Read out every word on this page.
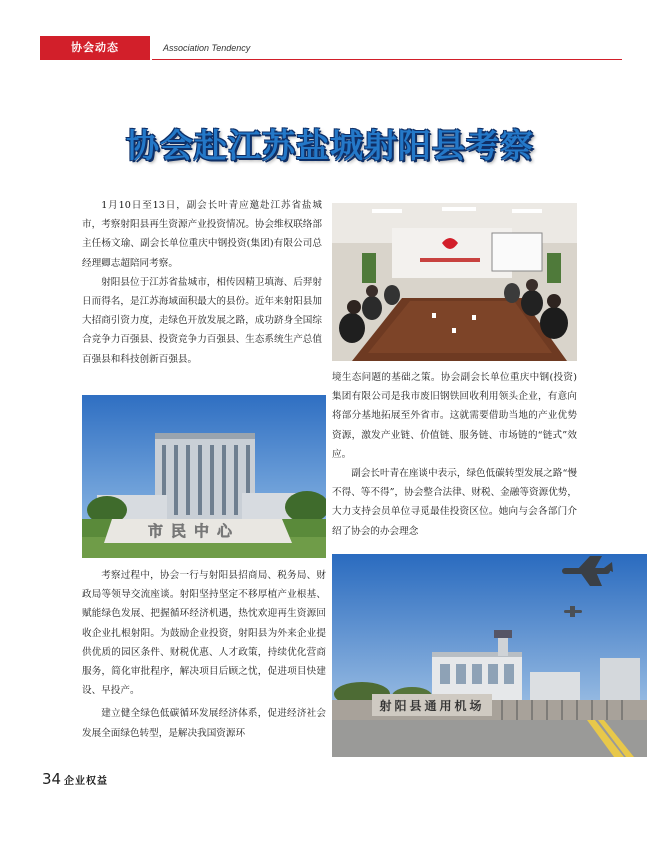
协会动态	Association Tendency
协会赴江苏盐城射阳县考察

1月10日至13日，副会长叶青应邀赴江苏省盐城市，考察射阳县再生资源产业投资情况。协会维权联络部主任杨文瑜、副会长单位重庆中钢投资(集团)有限公司总经理卿志超陪同考察。

射阳县位于江苏省盐城市，相传因精卫填海、后羿射日而得名，是江苏海域面积最大的县份。近年来射阳县加大招商引资力度，走绿色开放发展之路，成功跻身全国综合竞争力百强县、投资竞争力百强县、生态系统生产总值百强县和科技创新百强县。

市民中心

境生态问题的基础之策。协会副会长单位重庆中钢(投资)集团有限公司是我市废旧钢铁回收利用领头企业，有意向将部分基地拓展至外省市。这就需要借助当地的产业优势资源，激发产业链、价值链、服务链、市场链的“链式”效应。

副会长叶青在座谈中表示，绿色低碳转型发展之路“慢不得、等不得”，协会整合法律、财税、金融等资源优势，大力支持会员单位寻觅最佳投资区位。她向与会各部门介绍了协会的办会理念

考察过程中，协会一行与射阳县招商局、税务局、财政局等领导交流座谈。射阳坚持坚定不移厚植产业根基、赋能绿色发展、把握循环经济机遇，热忱欢迎再生资源回收企业扎根射阳。为鼓励企业投资，射阳县为外来企业提供优质的园区条件、财税优惠、人才政策，持续优化营商服务，简化审批程序，解决项目后顾之忧，促进项目快建设、早投产。

建立健全绿色低碳循环发展经济体系，促进经济社会发展全面绿色转型，是解决我国资源环

射阳县通用机场
34 企业权益
